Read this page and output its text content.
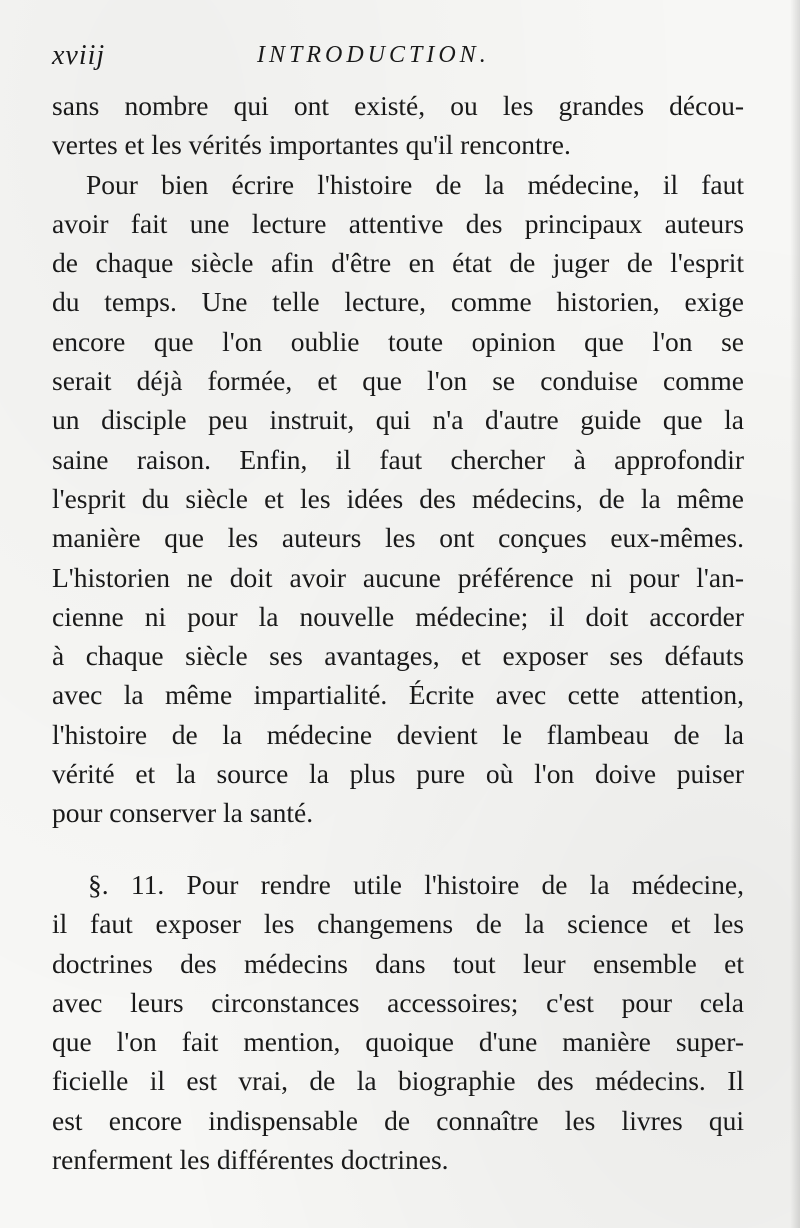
xviij	INTRODUCTION.
sans nombre qui ont existé, ou les grandes décou-
vertes et les vérités importantes qu'il rencontre.
Pour bien écrire l'histoire de la médecine, il faut
avoir fait une lecture attentive des principaux auteurs
de chaque siècle afin d'être en état de juger de l'esprit
du temps. Une telle lecture, comme historien, exige
encore que l'on oublie toute opinion que l'on se
serait déjà formée, et que l'on se conduise comme
un disciple peu instruit, qui n'a d'autre guide que la
saine raison. Enfin, il faut chercher à approfondir
l'esprit du siècle et les idées des médecins, de la même
manière que les auteurs les ont conçues eux-mêmes.
L'historien ne doit avoir aucune préférence ni pour l'an-
cienne ni pour la nouvelle médecine; il doit accorder
à chaque siècle ses avantages, et exposer ses défauts
avec la même impartialité. Écrite avec cette attention,
l'histoire de la médecine devient le flambeau de la
vérité et la source la plus pure où l'on doive puiser
pour conserver la santé.
§. 11. Pour rendre utile l'histoire de la médecine,
il faut exposer les changemens de la science et les
doctrines des médecins dans tout leur ensemble et
avec leurs circonstances accessoires; c'est pour cela
que l'on fait mention, quoique d'une manière super-
ficielle il est vrai, de la biographie des médecins. Il
est encore indispensable de connaître les livres qui
renferment les différentes doctrines.
